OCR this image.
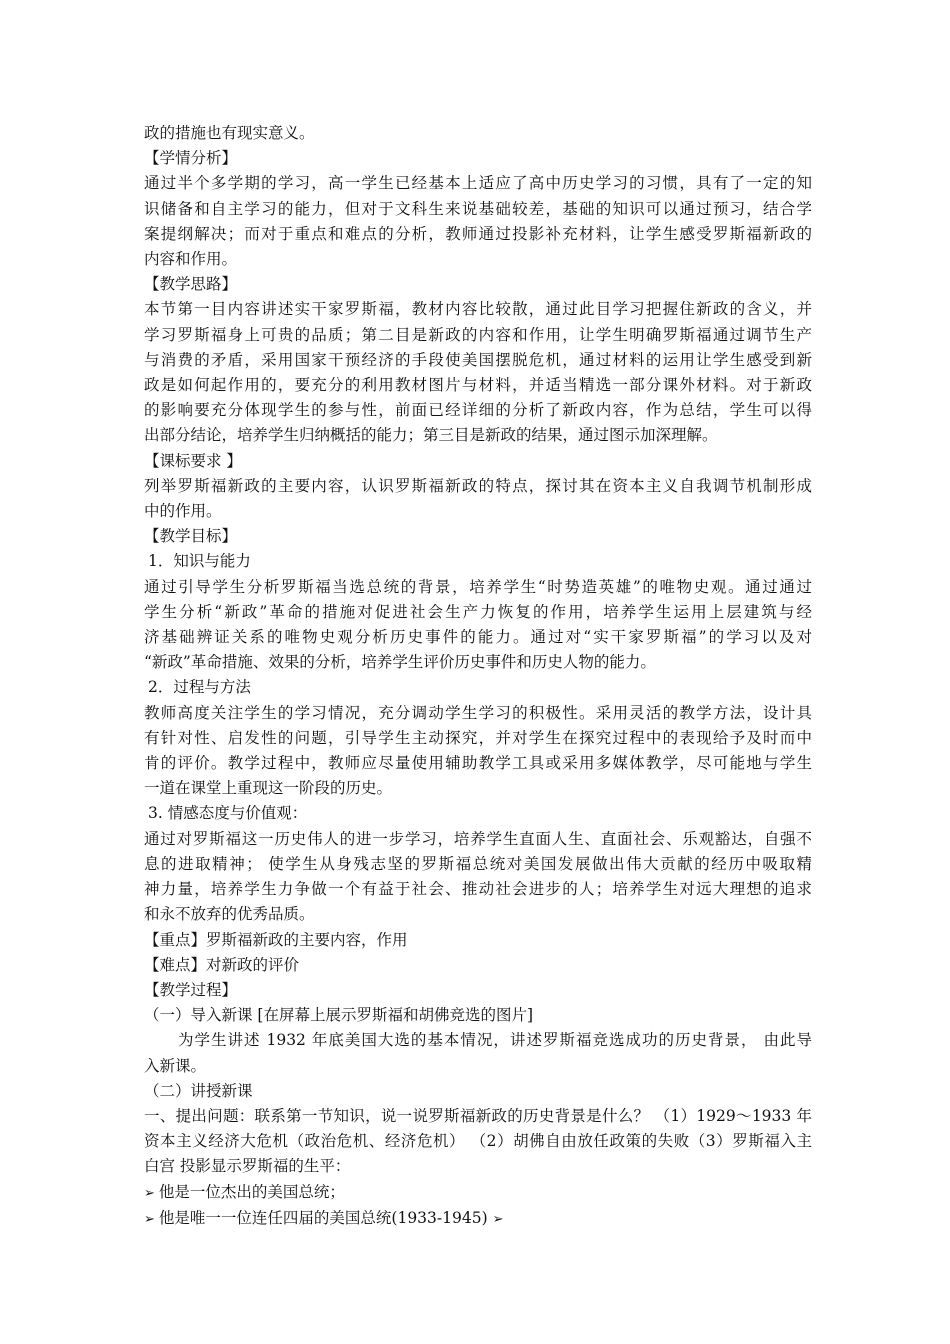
政的措施也有现实意义。
【学情分析】
通过半个多学期的学习，高一学生已经基本上适应了高中历史学习的习惯，具有了一定的知
识储备和自主学习的能力，但对于文科生来说基础较差，基础的知识可以通过预习，结合学
案提纲解决；而对于重点和难点的分析，教师通过投影补充材料，让学生感受罗斯福新政的
内容和作用。
【教学思路】
本节第一目内容讲述实干家罗斯福，教材内容比较散，通过此目学习把握住新政的含义，并
学习罗斯福身上可贵的品质；第二目是新政的内容和作用，让学生明确罗斯福通过调节生产
与消费的矛盾，采用国家干预经济的手段使美国摆脱危机，通过材料的运用让学生感受到新
政是如何起作用的，要充分的利用教材图片与材料，并适当精选一部分课外材料。对于新政
的影响要充分体现学生的参与性，前面已经详细的分析了新政内容，作为总结，学生可以得
出部分结论，培养学生归纳概括的能力；第三目是新政的结果，通过图示加深理解。
【课标要求 】
列举罗斯福新政的主要内容，认识罗斯福新政的特点，探讨其在资本主义自我调节机制形成
中的作用。
【教学目标】
1．知识与能力
通过引导学生分析罗斯福当选总统的背景，培养学生“时势造英雄”的唯物史观。通过通过
学生分析“新政”革命的措施对促进社会生产力恢复的作用，培养学生运用上层建筑与经
济基础辨证关系的唯物史观分析历史事件的能力。通过对“实干家罗斯福”的学习以及对
“新政”革命措施、效果的分析，培养学生评价历史事件和历史人物的能力。
2．过程与方法
教师高度关注学生的学习情况，充分调动学生学习的积极性。采用灵活的教学方法，设计具
有针对性、启发性的问题，引导学生主动探究，并对学生在探究过程中的表现给予及时而中
肯的评价。教学过程中，教师应尽量使用辅助教学工具或采用多媒体教学，尽可能地与学生
一道在课堂上重现这一阶段的历史。
3. 情感态度与价值观：
通过对罗斯福这一历史伟人的进一步学习，培养学生直面人生、直面社会、乐观豁达，自强不
息的进取精神； 使学生从身残志坚的罗斯福总统对美国发展做出伟大贡献的经历中吸取精
神力量，培养学生力争做一个有益于社会、推动社会进步的人；培养学生对远大理想的追求
和永不放弃的优秀品质。
【重点】罗斯福新政的主要内容，作用
【难点】对新政的评价
【教学过程】
（一）导入新课 [在屏幕上展示罗斯福和胡佛竞选的图片]
为学生讲述 1932 年底美国大选的基本情况，讲述罗斯福竞选成功的历史背景， 由此导
入新课。
（二）讲授新课
一、提出问题：联系第一节知识，说一说罗斯福新政的历史背景是什么？ （1）1929～1933 年
资本主义经济大危机（政治危机、经济危机） （2）胡佛自由放任政策的失败（3）罗斯福入主
白宫 投影显示罗斯福的生平：
➢ 他是一位杰出的美国总统；
➢ 他是唯一一位连任四届的美国总统(1933-1945) ➢
